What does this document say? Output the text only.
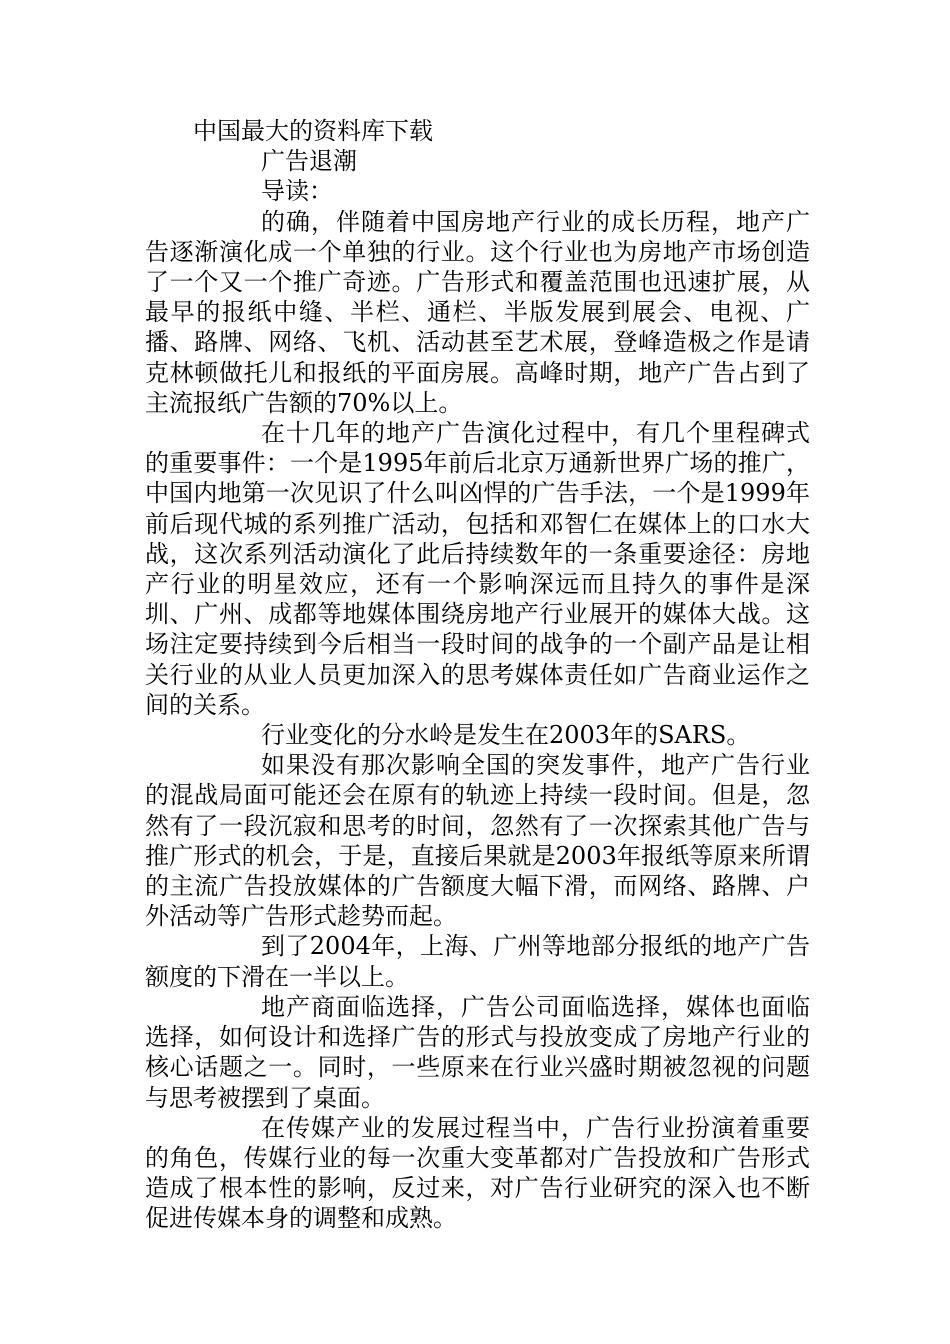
中国最大的资料库下载

广告退潮

导读：

的确，伴随着中国房地产行业的成长历程，地产广告逐渐演化成一个单独的行业。这个行业也为房地产市场创造了一个又一个推广奇迹。广告形式和覆盖范围也迅速扩展，从最早的报纸中缝、半栏、通栏、半版发展到展会、电视、广播、路牌、网络、飞机、活动甚至艺术展，登峰造极之作是请克林顿做托儿和报纸的平面房展。高峰时期，地产广告占到了主流报纸广告额的70%以上。

在十几年的地产广告演化过程中，有几个里程碑式的重要事件：一个是1995年前后北京万通新世界广场的推广，中国内地第一次见识了什么叫凶悍的广告手法，一个是1999年前后现代城的系列推广活动，包括和邓智仁在媒体上的口水大战，这次系列活动演化了此后持续数年的一条重要途径：房地产行业的明星效应，还有一个影响深远而且持久的事件是深圳、广州、成都等地媒体围绕房地产行业展开的媒体大战。这场注定要持续到今后相当一段时间的战争的一个副产品是让相关行业的从业人员更加深入的思考媒体责任如广告商业运作之间的关系。

行业变化的分水岭是发生在2003年的SARS。

如果没有那次影响全国的突发事件，地产广告行业的混战局面可能还会在原有的轨迹上持续一段时间。但是，忽然有了一段沉寂和思考的时间，忽然有了一次探索其他广告与推广形式的机会，于是，直接后果就是2003年报纸等原来所谓的主流广告投放媒体的广告额度大幅下滑，而网络、路牌、户外活动等广告形式趁势而起。

到了2004年，上海、广州等地部分报纸的地产广告额度的下滑在一半以上。

地产商面临选择，广告公司面临选择，媒体也面临选择，如何设计和选择广告的形式与投放变成了房地产行业的核心话题之一。同时，一些原来在行业兴盛时期被忽视的问题与思考被摆到了桌面。

在传媒产业的发展过程当中，广告行业扮演着重要的角色，传媒行业的每一次重大变革都对广告投放和广告形式造成了根本性的影响，反过来，对广告行业研究的深入也不断促进传媒本身的调整和成熟。
